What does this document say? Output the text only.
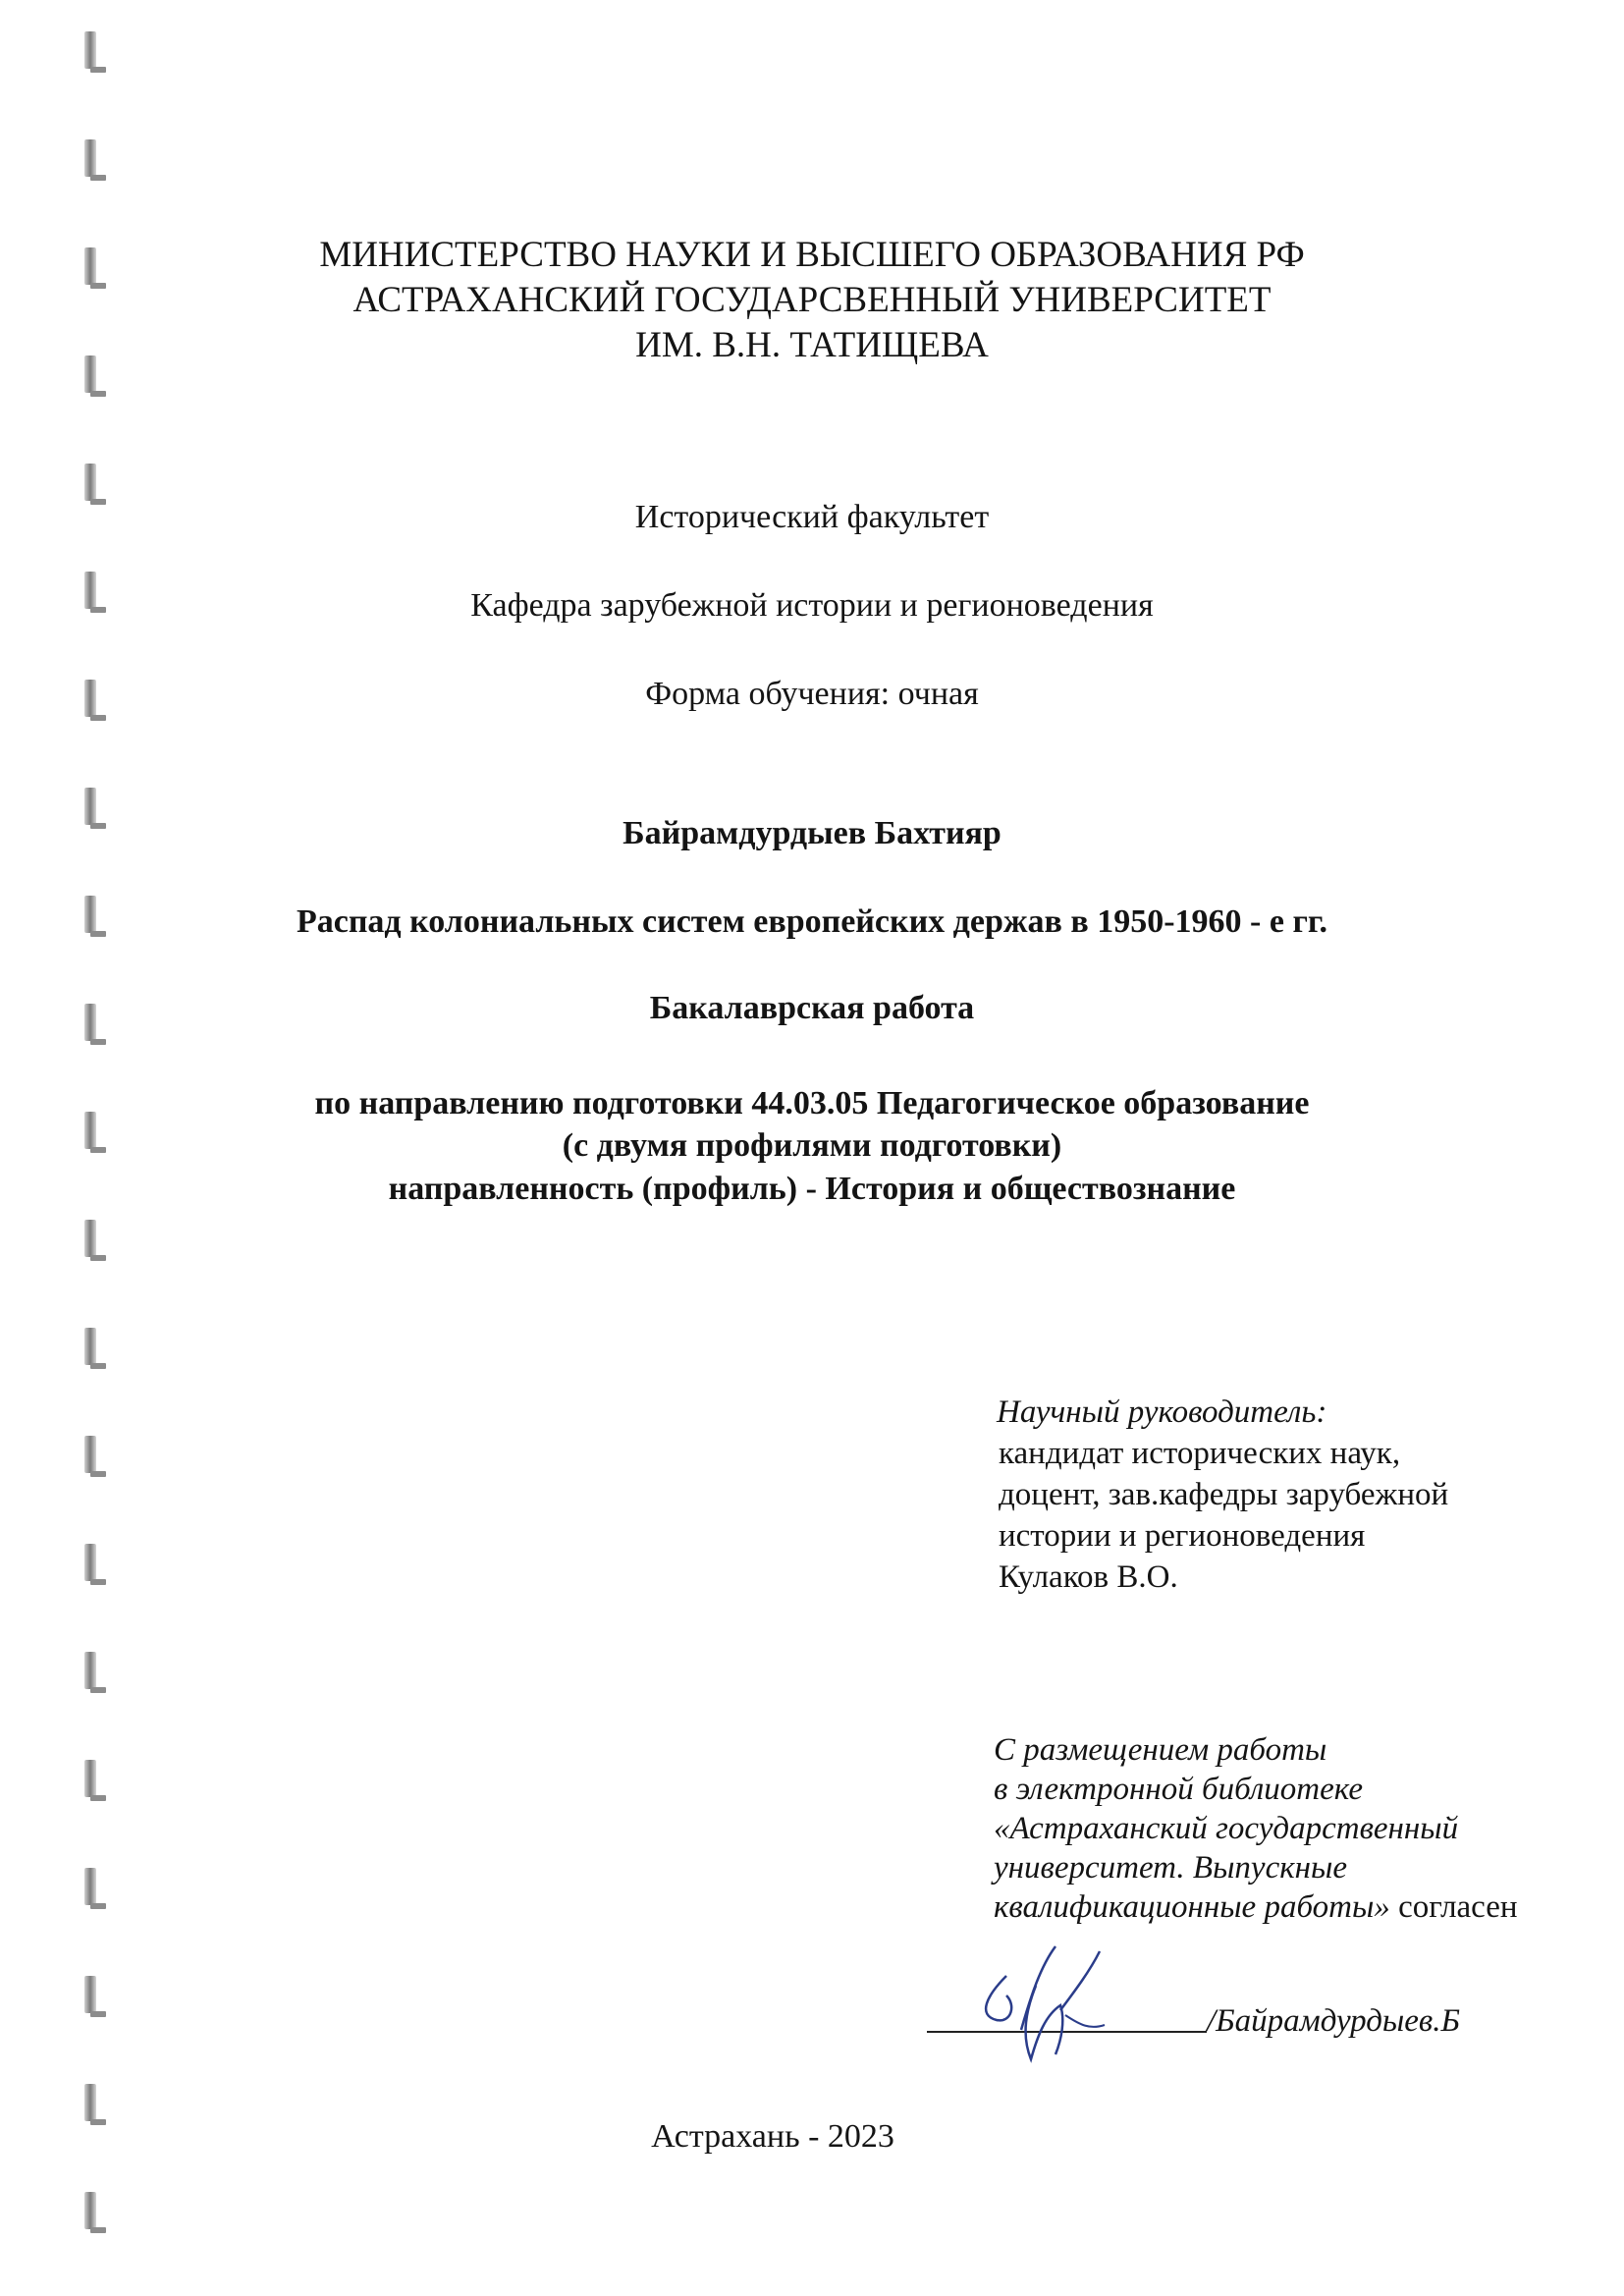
МИНИСТЕРСТВО НАУКИ И ВЫСШЕГО ОБРАЗОВАНИЯ РФ
АСТРАХАНСКИЙ ГОСУДАРСВЕННЫЙ УНИВЕРСИТЕТ
ИМ. В.Н. ТАТИЩЕВА
Исторический факультет
Кафедра зарубежной истории и регионоведения
Форма обучения: очная
Байрамдурдыев Бахтияр
Распад колониальных систем европейских держав в 1950-1960 - е гг.
Бакалаврская работа
по направлению подготовки 44.03.05 Педагогическое образование
(с двумя профилями подготовки)
направленность (профиль) - История и обществознание
Научный руководитель:
кандидат исторических наук,
доцент, зав.кафедры зарубежной
истории и регионоведения
Кулаков В.О.
С размещением работы
в электронной библиотеке
«Астраханский государственный
университет. Выпускные
квалификационные работы» согласен
/Байрамдурдыев.Б
Астрахань - 2023
